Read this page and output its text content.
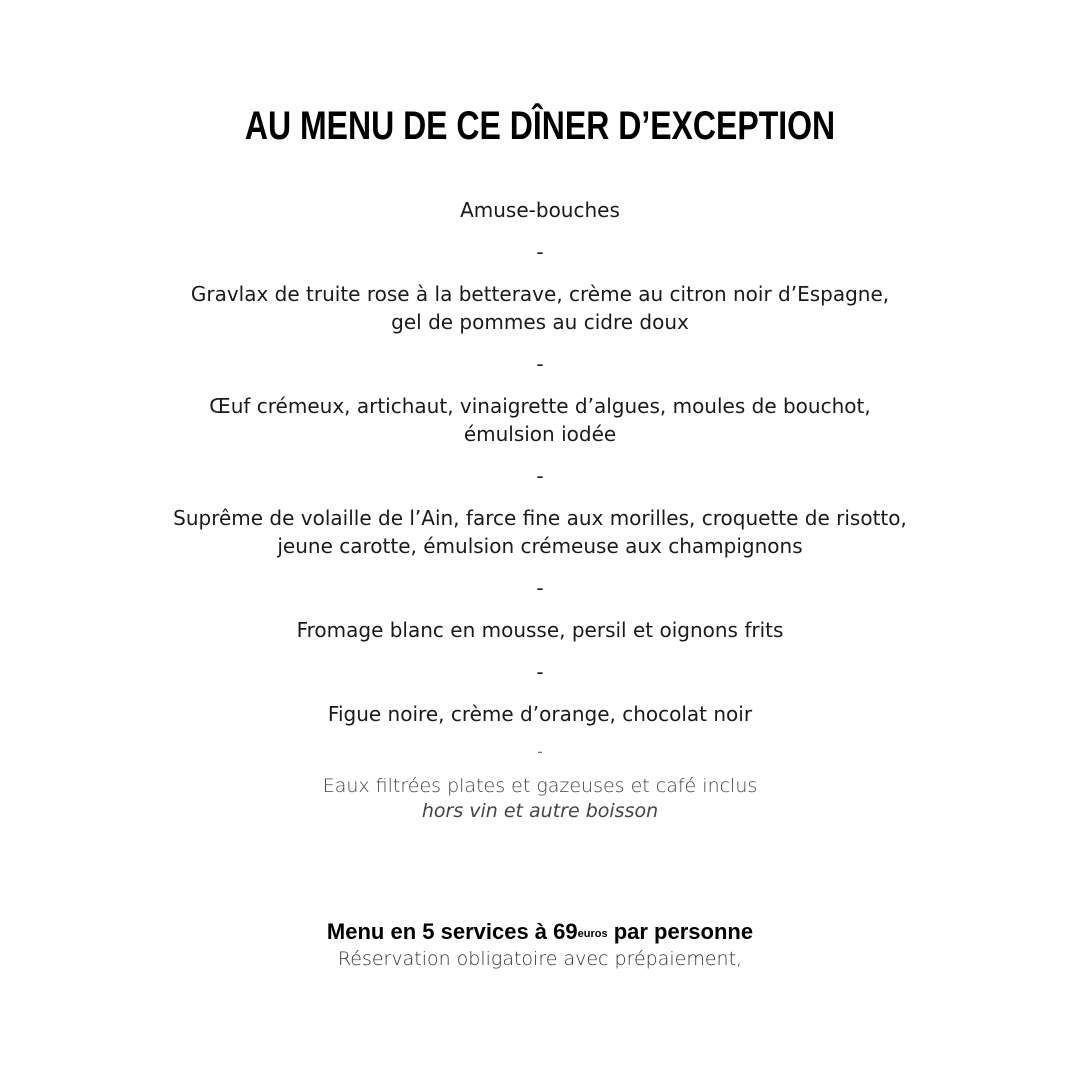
AU MENU DE CE DÎNER D’EXCEPTION
Amuse-bouches
-
Gravlax de truite rose à la betterave, crème au citron noir d’Espagne,
gel de pommes au cidre doux
-
Œuf crémeux, artichaut, vinaigrette d’algues, moules de bouchot,
émulsion iodée
-
Suprême de volaille de l’Ain, farce fine aux morilles, croquette de risotto,
jeune carotte, émulsion crémeuse aux champignons
-
Fromage blanc en mousse, persil et oignons frits
-
Figue noire, crème d’orange, chocolat noir
-
Eaux filtrées plates et gazeuses et café inclus
hors vin et autre boisson
Menu en 5 services à $69^{euros}$ par personne
Réservation obligatoire avec prépaiement,
